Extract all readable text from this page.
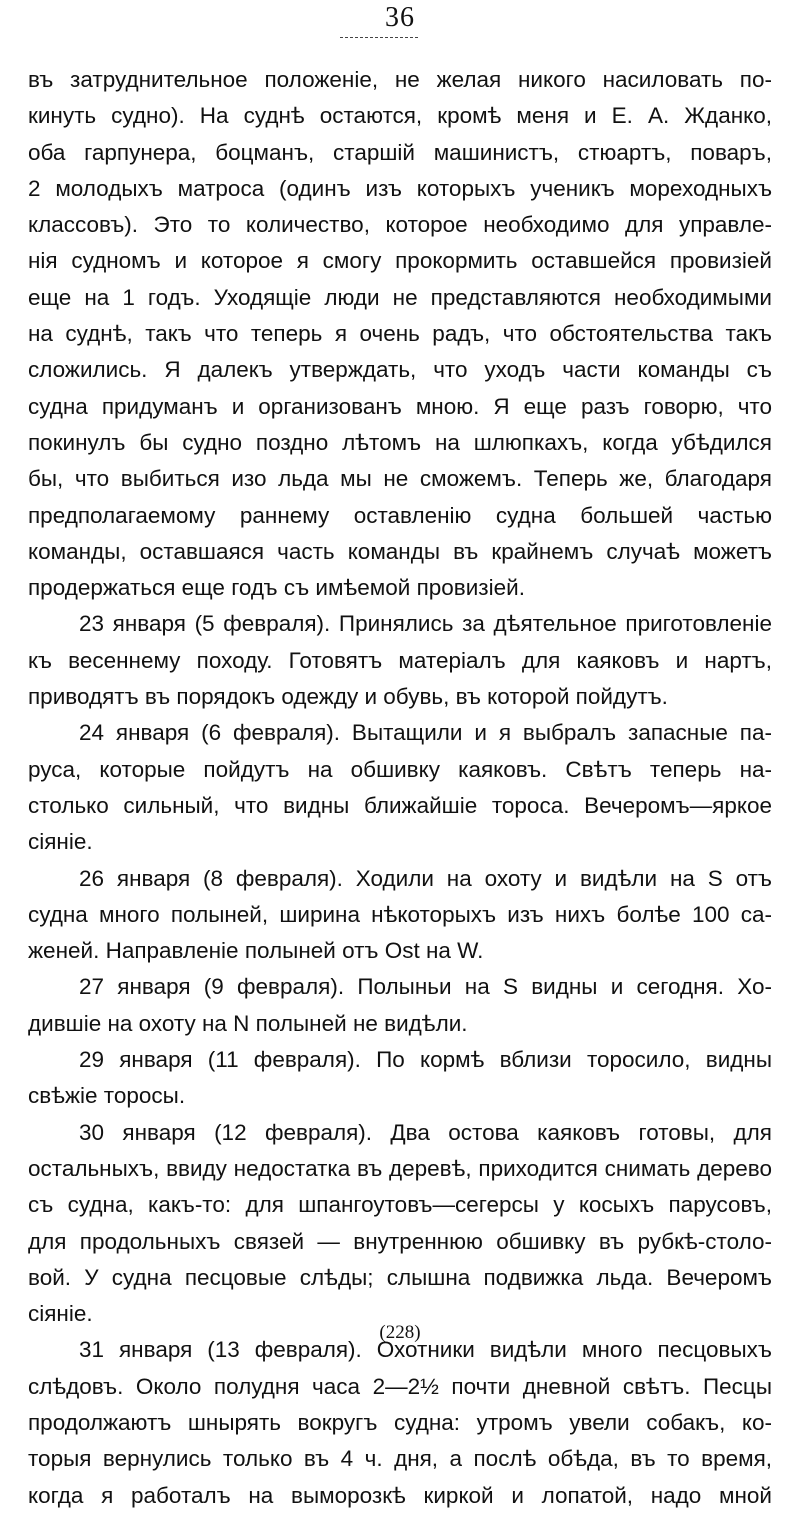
36
въ затруднительное положеніе, не желая никого насиловать по-
кинуть судно). На суднѣ остаются, кромѣ меня и Е. А. Жданко,
оба гарпунера, боцманъ, старшій машинистъ, стюартъ, поваръ,
2 молодыхъ матроса (одинъ изъ которыхъ ученикъ мореходныхъ
классовъ). Это то количество, которое необходимо для управле-
нія судномъ и которое я смогу прокормить оставшейся провизіей
еще на 1 годъ. Уходящіе люди не представляются необходимыми
на суднѣ, такъ что теперь я очень радъ, что обстоятельства такъ
сложились. Я далекъ утверждать, что уходъ части команды съ
судна придуманъ и организованъ мною. Я еще разъ говорю, что
покинулъ бы судно поздно лѣтомъ на шлюпкахъ, когда убѣдился
бы, что выбиться изо льда мы не сможемъ. Теперь же, благодаря
предполагаемому раннему оставленію судна большей частью
команды, оставшаяся часть команды въ крайнемъ случаѣ можетъ
продержаться еще годъ съ имѣемой провизіей.
23 января (5 февраля). Принялись за дѣятельное приготовленіе
къ весеннему походу. Готовятъ матеріалъ для каяковъ и нартъ,
приводятъ въ порядокъ одежду и обувь, въ которой пойдутъ.
24 января (6 февраля). Вытащили и я выбралъ запасные па-
руса, которые пойдутъ на обшивку каяковъ. Свѣтъ теперь на-
столько сильный, что видны ближайшіе тороса. Вечеромъ—яркое
сіяніе.
26 января (8 февраля). Ходили на охоту и видѣли на S отъ
судна много полыней, ширина нѣкоторыхъ изъ нихъ болѣе 100 са-
женей. Направленіе полыней отъ Ost на W.
27 января (9 февраля). Полыньи на S видны и сегодня. Хо-
дившіе на охоту на N полыней не видѣли.
29 января (11 февраля). По кормѣ вблизи торосило, видны
свѣжіе торосы.
30 января (12 февраля). Два остова каяковъ готовы, для
остальныхъ, ввиду недостатка въ деревѣ, приходится снимать дерево
съ судна, какъ-то: для шпангоутовъ—сегерсы у косыхъ парусовъ,
для продольныхъ связей — внутреннюю обшивку въ рубкѣ-столо-
вой. У судна песцовые слѣды; слышна подвижка льда. Вечеромъ
сіяніе.
31 января (13 февраля). Охотники видѣли много песцовыхъ
слѣдовъ. Около полудня часа 2—2½ почти дневной свѣтъ. Песцы
продолжаютъ шнырять вокругъ судна: утромъ увели собакъ, ко-
торыя вернулись только въ 4 ч. дня, а послѣ обѣда, въ то время,
когда я работалъ на выморозкѣ киркой и лопатой, надо мной
(228)
